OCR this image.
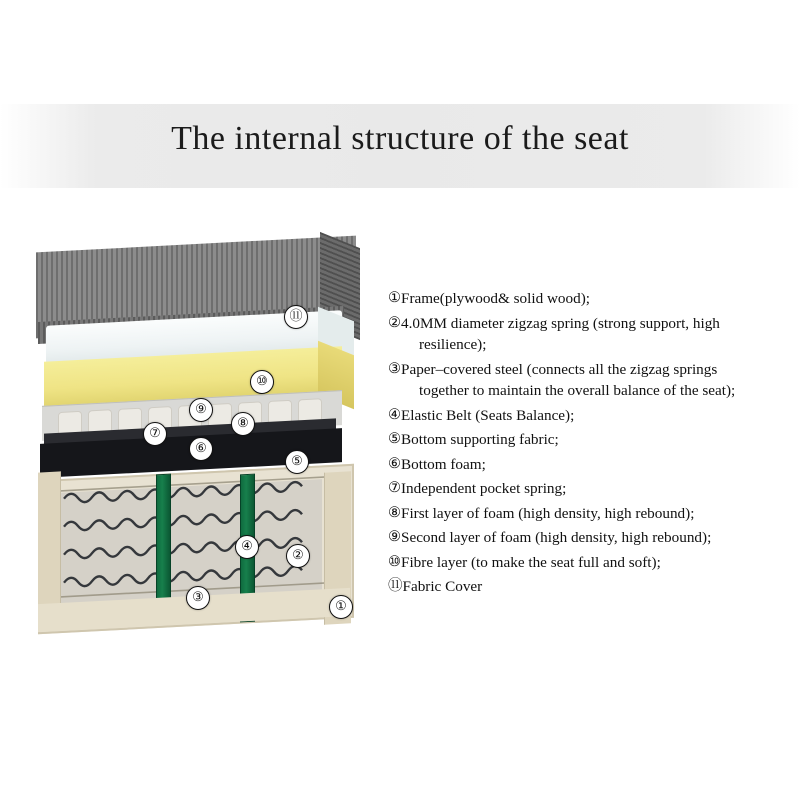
The internal structure of the seat
①
②
③
④
⑤
⑥
⑦
⑧
⑨
⑩
⑪
① Frame(plywood& solid wood);
② 4.0MM diameter zigzag spring (strong support, high
resilience);
③ Paper–covered steel (connects all the zigzag springs
together to maintain the overall balance of the seat);
④ Elastic Belt (Seats Balance);
⑤ Bottom supporting fabric;
⑥ Bottom foam;
⑦ Independent pocket spring;
⑧ First layer of foam (high density, high rebound);
⑨ Second layer of foam (high density, high rebound);
⑩ Fibre layer (to make the seat full and soft);
⑪ Fabric Cover
